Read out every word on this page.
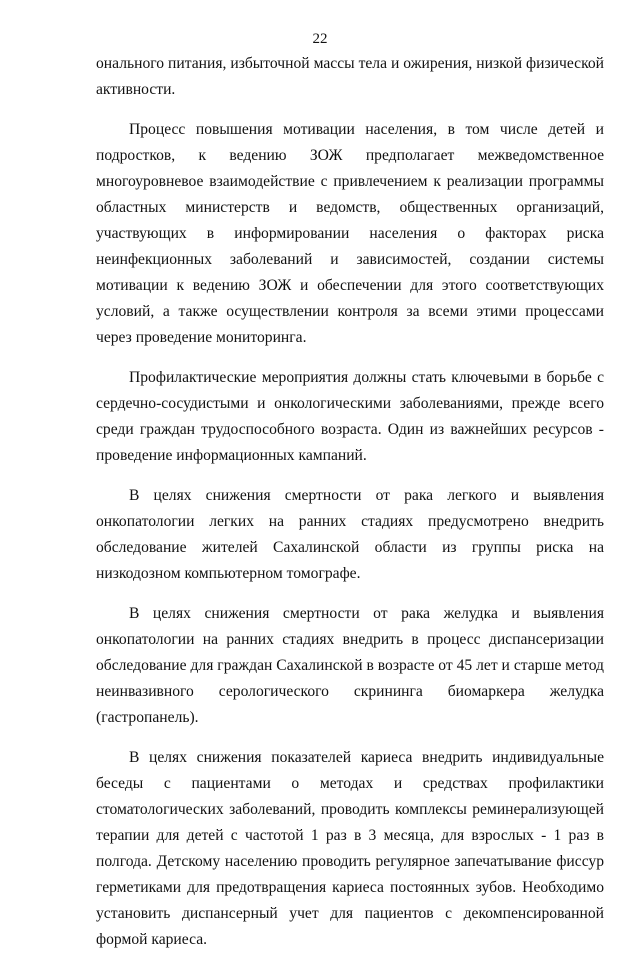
22

онального питания, избыточной массы тела и ожирения, низкой физической активности.

Процесс повышения мотивации населения, в том числе детей и подростков, к ведению ЗОЖ предполагает межведомственное многоуровневое взаимодействие с привлечением к реализации программы областных министерств и ведомств, общественных организаций, участвующих в информировании населения о факторах риска неинфекционных заболеваний и зависимостей, создании системы мотивации к ведению ЗОЖ и обеспечении для этого соответствующих условий, а также осуществлении контроля за всеми этими процессами через проведение мониторинга.

Профилактические мероприятия должны стать ключевыми в борьбе с сердечно-сосудистыми и онкологическими заболеваниями, прежде всего среди граждан трудоспособного возраста. Один из важнейших ресурсов - проведение информационных кампаний.

В целях снижения смертности от рака легкого и выявления онкопатологии легких на ранних стадиях предусмотрено внедрить обследование жителей Сахалинской области из группы риска на низкодозном компьютерном томографе.

В целях снижения смертности от рака желудка и выявления онкопатологии на ранних стадиях внедрить в процесс диспансеризации обследование для граждан Сахалинской в возрасте от 45 лет и старше метод неинвазивного серологического скрининга биомаркера желудка (гастропанель).

В целях снижения показателей кариеса внедрить индивидуальные беседы с пациентами о методах и средствах профилактики стоматологических заболеваний, проводить комплексы реминерализующей терапии для детей с частотой 1 раз в 3 месяца, для взрослых - 1 раз в полгода. Детскому населению проводить регулярное запечатывание фиссур герметиками для предотвращения кариеса постоянных зубов. Необходимо установить диспансерный учет для пациентов с декомпенсированной формой кариеса.
